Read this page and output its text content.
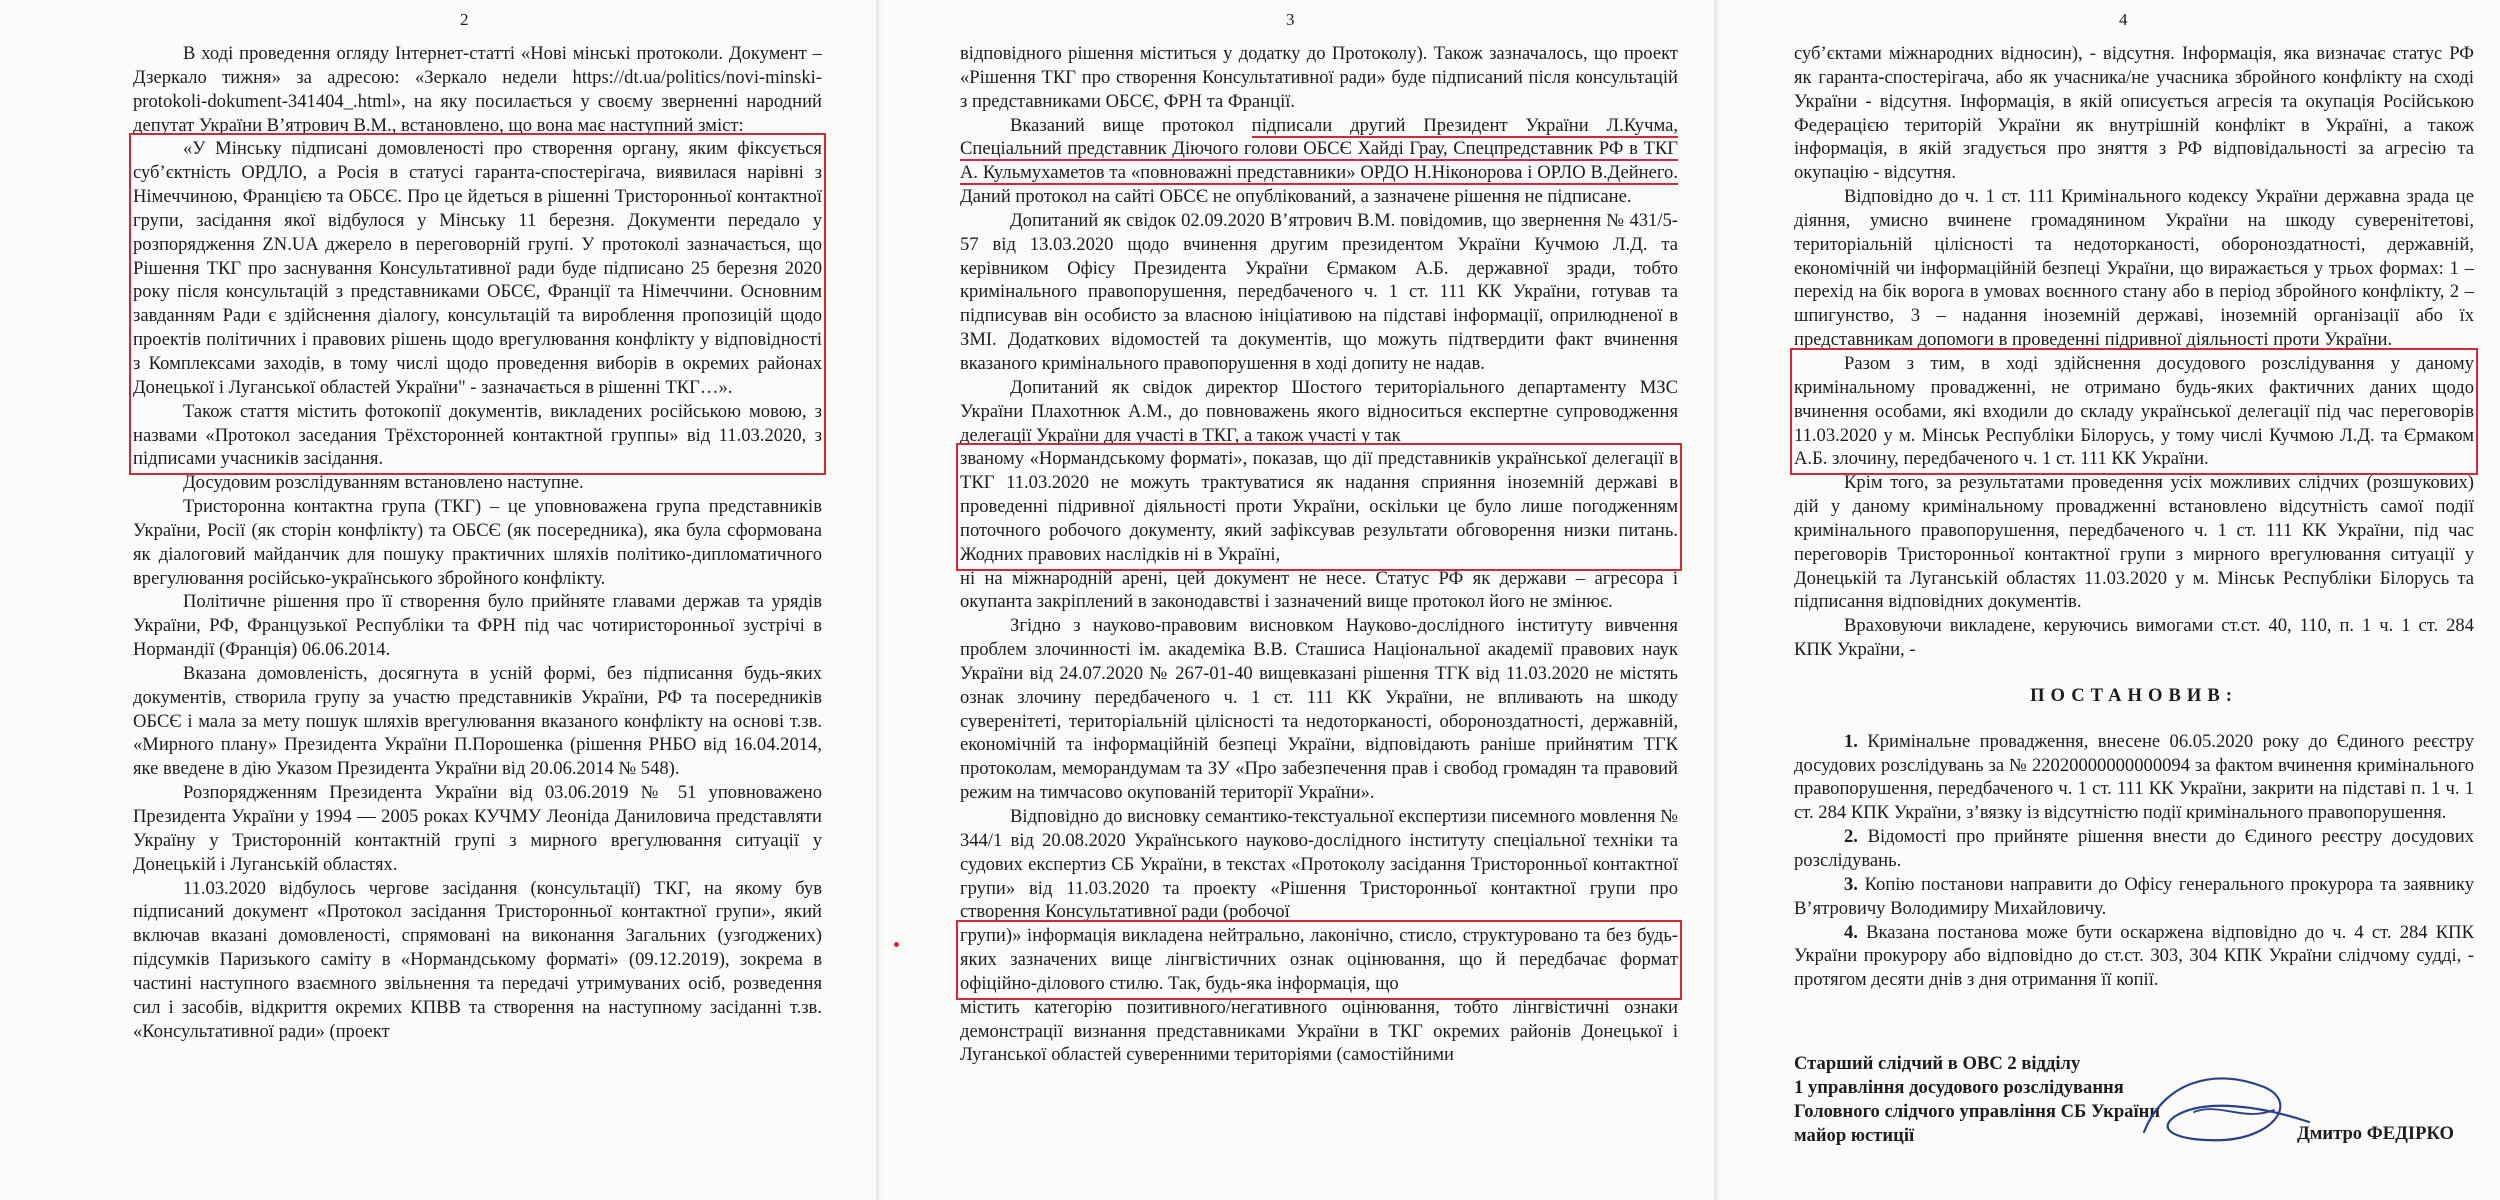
2

В ході проведення огляду Інтернет-статті «Нові мінські протоколи. Документ – Дзеркало тижня» за адресою: «Зеркало недели https://dt.ua/politics/novi-minski-protokoli-dokument-341404_.html», на яку посилається у своєму зверненні народний депутат України В’ятрович В.М., встановлено, що вона має наступний зміст:

«У Мінську підписані домовленості про створення органу, яким фіксується суб’єктність ОРДЛО, а Росія в статусі гаранта-спостерігача, виявилася нарівні з Німеччиною, Францією та ОБСЄ. Про це йдеться в рішенні Тристоронньої контактної групи, засідання якої відбулося у Мінську 11 березня. Документи передало у розпорядження ZN.UA джерело в переговорній групі. У протоколі зазначається, що Рішення ТКГ про заснування Консультативної ради буде підписано 25 березня 2020 року після консультацій з представниками ОБСЄ, Франції та Німеччини. Основним завданням Ради є здійснення діалогу, консультацій та вироблення пропозицій щодо проектів політичних і правових рішень щодо врегулювання конфлікту у відповідності з Комплексами заходів, в тому числі щодо проведення виборів в окремих районах Донецької і Луганської областей України" - зазначається в рішенні ТКГ…».

Також стаття містить фотокопії документів, викладених російською мовою, з назвами «Протокол заседания Трёхсторонней контактной группы» від 11.03.2020, з підписами учасників засідання.

Досудовим розслідуванням встановлено наступне.

Тристоронна контактна група (ТКГ) – це уповноважена група представників України, Росії (як сторін конфлікту) та ОБСЄ (як посередника), яка була сформована як діалоговий майданчик для пошуку практичних шляхів політико-дипломатичного врегулювання російсько-українського збройного конфлікту.

Політичне рішення про її створення було прийняте главами держав та урядів України, РФ, Французької Республіки та ФРН під час чотиристоронньої зустрічі в Нормандії (Франція) 06.06.2014.

Вказана домовленість, досягнута в усній формі, без підписання будь-яких документів, створила групу за участю представників України, РФ та посередників ОБСЄ і мала за мету пошук шляхів врегулювання вказаного конфлікту на основі т.зв. «Мирного плану» Президента України П.Порошенка (рішення РНБО від 16.04.2014, яке введене в дію Указом Президента України від 20.06.2014 № 548).

Розпорядженням Президента України від 03.06.2019 № 51 уповноважено Президента України у 1994 — 2005 роках КУЧМУ Леоніда Даниловича представляти Україну у Тристоронній контактній групі з мирного врегулювання ситуації у Донецькій і Луганській областях.

11.03.2020 відбулось чергове засідання (консультації) ТКГ, на якому був підписаний документ «Протокол засідання Тристоронньої контактної групи», який включав вказані домовленості, спрямовані на виконання Загальних (узгоджених) підсумків Паризького саміту в «Нормандському форматі» (09.12.2019), зокрема в частині наступного взаємного звільнення та передачі утримуваних осіб, розведення сил і засобів, відкриття окремих КПВВ та створення на наступному засіданні т.зв. «Консультативної ради» (проект

3

відповідного рішення міститься у додатку до Протоколу). Також зазначалось, що проект «Рішення ТКГ про створення Консультативної ради» буде підписаний після консультацій з представниками ОБСЄ, ФРН та Франції.

Вказаний вище протокол підписали другий Президент України Л.Кучма, Спеціальний представник Діючого голови ОБСЄ Хайді Грау, Спецпредставник РФ в ТКГ А. Кульмухаметов та «повноважні представники» ОРДО Н.Ніконорова і ОРЛО В.Дейнего. Даний протокол на сайті ОБСЄ не опублікований, а зазначене рішення не підписане.

Допитаний як свідок 02.09.2020 В’ятрович В.М. повідомив, що звернення № 431/5-57 від 13.03.2020 щодо вчинення другим президентом України Кучмою Л.Д. та керівником Офісу Президента України Єрмаком А.Б. державної зради, тобто кримінального правопорушення, передбаченого ч. 1 ст. 111 КК України, готував та підписував він особисто за власною ініціативою на підставі інформації, оприлюдненої в ЗМІ. Додаткових відомостей та документів, що можуть підтвердити факт вчинення вказаного кримінального правопорушення в ході допиту не надав.

Допитаний як свідок директор Шостого територіального департаменту МЗС України Плахотнюк А.М., до повноважень якого відноситься експертне супроводження делегації України для участі в ТКГ, а також участі у так

званому «Нормандському форматі», показав, що дії представників української делегації в ТКГ 11.03.2020 не можуть трактуватися як надання сприяння іноземній державі в проведенні підривної діяльності проти України, оскільки це було лише погодженням поточного робочого документу, який зафіксував результати обговорення низки питань. Жодних правових наслідків ні в Україні,

ні на міжнародній арені, цей документ не несе. Статус РФ як держави – агресора і окупанта закріплений в законодавстві і зазначений вище протокол його не змінює.

Згідно з науково-правовим висновком Науково-дослідного інституту вивчення проблем злочинності ім. академіка В.В. Сташиса Національної академії правових наук України від 24.07.2020 № 267-01-40 вищевказані рішення ТГК від 11.03.2020 не містять ознак злочину передбаченого ч. 1 ст. 111 КК України, не впливають на шкоду суверенітеті, територіальній цілісності та недоторканості, обороноздатності, державній, економічній та інформаційній безпеці України, відповідають раніше прийнятим ТГК протоколам, меморандумам та ЗУ «Про забезпечення прав і свобод громадян та правовий режим на тимчасово окупованій території України».

Відповідно до висновку семантико-текстуальної експертизи писемного мовлення № 344/1 від 20.08.2020 Українського науково-дослідного інституту спеціальної техніки та судових експертиз СБ України, в текстах «Протоколу засідання Тристоронньої контактної групи» від 11.03.2020 та проекту «Рішення Тристоронньої контактної групи про створення Консультативної ради (робочої

групи)» інформація викладена нейтрально, лаконічно, стисло, структуровано та без будь-яких зазначених вище лінгвістичних ознак оцінювання, що й передбачає формат офіційно-ділового стилю. Так, будь-яка інформація, що

містить категорію позитивного/негативного оцінювання, тобто лінгвістичні ознаки демонстрації визнання представниками України в ТКГ окремих районів Донецької і Луганської областей суверенними територіями (самостійними

4

суб’єктами міжнародних відносин), - відсутня. Інформація, яка визначає статус РФ як гаранта-спостерігача, або як учасника/не учасника збройного конфлікту на сході України - відсутня. Інформація, в якій описується агресія та окупація Російською Федерацією територій України як внутрішній конфлікт в Україні, а також інформація, в якій згадується про зняття з РФ відповідальності за агресію та окупацію - відсутня.

Відповідно до ч. 1 ст. 111 Кримінального кодексу України державна зрада це діяння, умисно вчинене громадянином України на шкоду суверенітетові, територіальній цілісності та недоторканості, обороноздатності, державній, економічній чи інформаційній безпеці України, що виражається у трьох формах: 1 – перехід на бік ворога в умовах воєнного стану або в період збройного конфлікту, 2 – шпигунство, 3 – надання іноземній державі, іноземній організації або їх представникам допомоги в проведенні підривної діяльності проти України.

Разом з тим, в ході здійснення досудового розслідування у даному кримінальному провадженні, не отримано будь-яких фактичних даних щодо вчинення особами, які входили до складу української делегації під час переговорів 11.03.2020 у м. Мінськ Республіки Білорусь, у тому числі Кучмою Л.Д. та Єрмаком А.Б. злочину, передбаченого ч. 1 ст. 111 КК України.

Крім того, за результатами проведення усіх можливих слідчих (розшукових) дій у даному кримінальному провадженні встановлено відсутність самої події кримінального правопорушення, передбаченого ч. 1 ст. 111 КК України, під час переговорів Тристоронньої контактної групи з мирного врегулювання ситуації у Донецькій та Луганській областях 11.03.2020 у м. Мінськ Республіки Білорусь та підписання відповідних документів.

Враховуючи викладене, керуючись вимогами ст.ст. 40, 110, п. 1 ч. 1 ст. 284 КПК України, -

ПОСТАНОВИВ:

1. Кримінальне провадження, внесене 06.05.2020 року до Єдиного реєстру досудових розслідувань за № 22020000000000094 за фактом вчинення кримінального правопорушення, передбаченого ч. 1 ст. 111 КК України, закрити на підставі п. 1 ч. 1 ст. 284 КПК України, з’вязку із відсутністю події кримінального правопорушення.

2. Відомості про прийняте рішення внести до Єдиного реєстру досудових розслідувань.

3. Копію постанови направити до Офісу генерального прокурора та заявнику В’ятровичу Володимиру Михайловичу.

4. Вказана постанова може бути оскаржена відповідно до ч. 4 ст. 284 КПК України прокурору або відповідно до ст.ст. 303, 304 КПК України слідчому судді, - протягом десяти днів з дня отримання її копії.

Старший слідчий в ОВС 2 відділу

1 управління досудового розслідування

Головного слідчого управління СБ України

майор юстиції	Дмитро ФЕДІРКО
